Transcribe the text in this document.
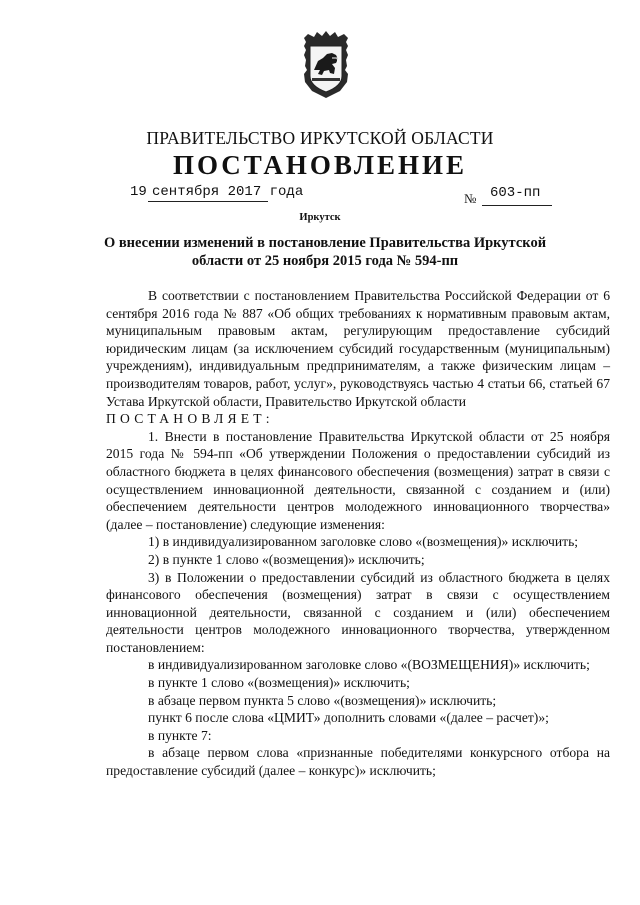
ПРАВИТЕЛЬСТВО ИРКУТСКОЙ ОБЛАСТИ
ПОСТАНОВЛЕНИЕ
19 сентября 2017 года	№ 603-пп
Иркутск
О внесении изменений в постановление Правительства Иркутской области от 25 ноября 2015 года № 594-пп

В соответствии с постановлением Правительства Российской Федерации от 6 сентября 2016 года № 887 «Об общих требованиях к нормативным правовым актам, муниципальным правовым актам, регулирующим предоставление субсидий юридическим лицам (за исключением субсидий государственным (муниципальным) учреждениям), индивидуальным предпринимателям, а также физическим лицам – производителям товаров, работ, услуг», руководствуясь частью 4 статьи 66, статьей 67 Устава Иркутской области, Правительство Иркутской области

ПОСТАНОВЛЯЕТ:

1. Внести в постановление Правительства Иркутской области от 25 ноября 2015 года № 594-пп «Об утверждении Положения о предоставлении субсидий из областного бюджета в целях финансового обеспечения (возмещения) затрат в связи с осуществлением инновационной деятельности, связанной с созданием и (или) обеспечением деятельности центров молодежного инновационного творчества» (далее – постановление) следующие изменения:

1) в индивидуализированном заголовке слово «(возмещения)» исключить;

2) в пункте 1 слово «(возмещения)» исключить;

3) в Положении о предоставлении субсидий из областного бюджета в целях финансового обеспечения (возмещения) затрат в связи с осуществлением инновационной деятельности, связанной с созданием и (или) обеспечением деятельности центров молодежного инновационного творчества, утвержденном постановлением:

в индивидуализированном заголовке слово «(ВОЗМЕЩЕНИЯ)» исключить;

в пункте 1 слово «(возмещения)» исключить;

в абзаце первом пункта 5 слово «(возмещения)» исключить;

пункт 6 после слова «ЦМИТ» дополнить словами «(далее – расчет)»;

в пункте 7:

в абзаце первом слова «признанные победителями конкурсного отбора на предоставление субсидий (далее – конкурс)» исключить;
